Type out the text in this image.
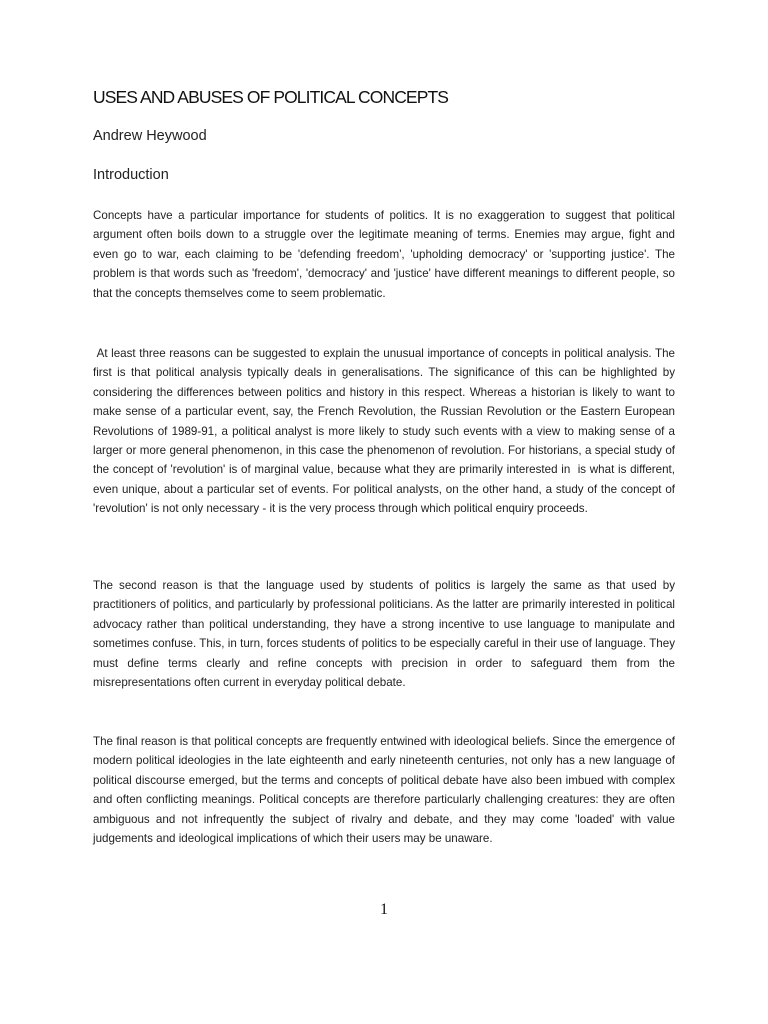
USES AND ABUSES OF POLITICAL CONCEPTS
Andrew Heywood
Introduction

Concepts have a particular importance for students of politics. It is no exaggeration to suggest that political argument often boils down to a struggle over the legitimate meaning of terms. Enemies may argue, fight and even go to war, each claiming to be 'defending freedom', 'upholding democracy' or 'supporting justice'. The problem is that words such as 'freedom', 'democracy' and 'justice' have different meanings to different people, so that the concepts themselves come to seem problematic.

At least three reasons can be suggested to explain the unusual importance of concepts in political analysis. The first is that political analysis typically deals in generalisations. The significance of this can be highlighted by considering the differences between politics and history in this respect. Whereas a historian is likely to want to make sense of a particular event, say, the French Revolution, the Russian Revolution or the Eastern European Revolutions of 1989-91, a political analyst is more likely to study such events with a view to making sense of a larger or more general phenomenon, in this case the phenomenon of revolution. For historians, a special study of the concept of 'revolution' is of marginal value, because what they are primarily interested in  is what is different, even unique, about a particular set of events. For political analysts, on the other hand, a study of the concept of 'revolution' is not only necessary - it is the very process through which political enquiry proceeds.

The second reason is that the language used by students of politics is largely the same as that used by practitioners of politics, and particularly by professional politicians. As the latter are primarily interested in political advocacy rather than political understanding, they have a strong incentive to use language to manipulate and sometimes confuse. This, in turn, forces students of politics to be especially careful in their use of language. They must define terms clearly and refine concepts with precision in order to safeguard them from the misrepresentations often current in everyday political debate.

The final reason is that political concepts are frequently entwined with ideological beliefs. Since the emergence of modern political ideologies in the late eighteenth and early nineteenth centuries, not only has a new language of political discourse emerged, but the terms and concepts of political debate have also been imbued with complex and often conflicting meanings. Political concepts are therefore particularly challenging creatures: they are often ambiguous and not infrequently the subject of rivalry and debate, and they may come 'loaded' with value judgements and ideological implications of which their users may be unaware.

1
